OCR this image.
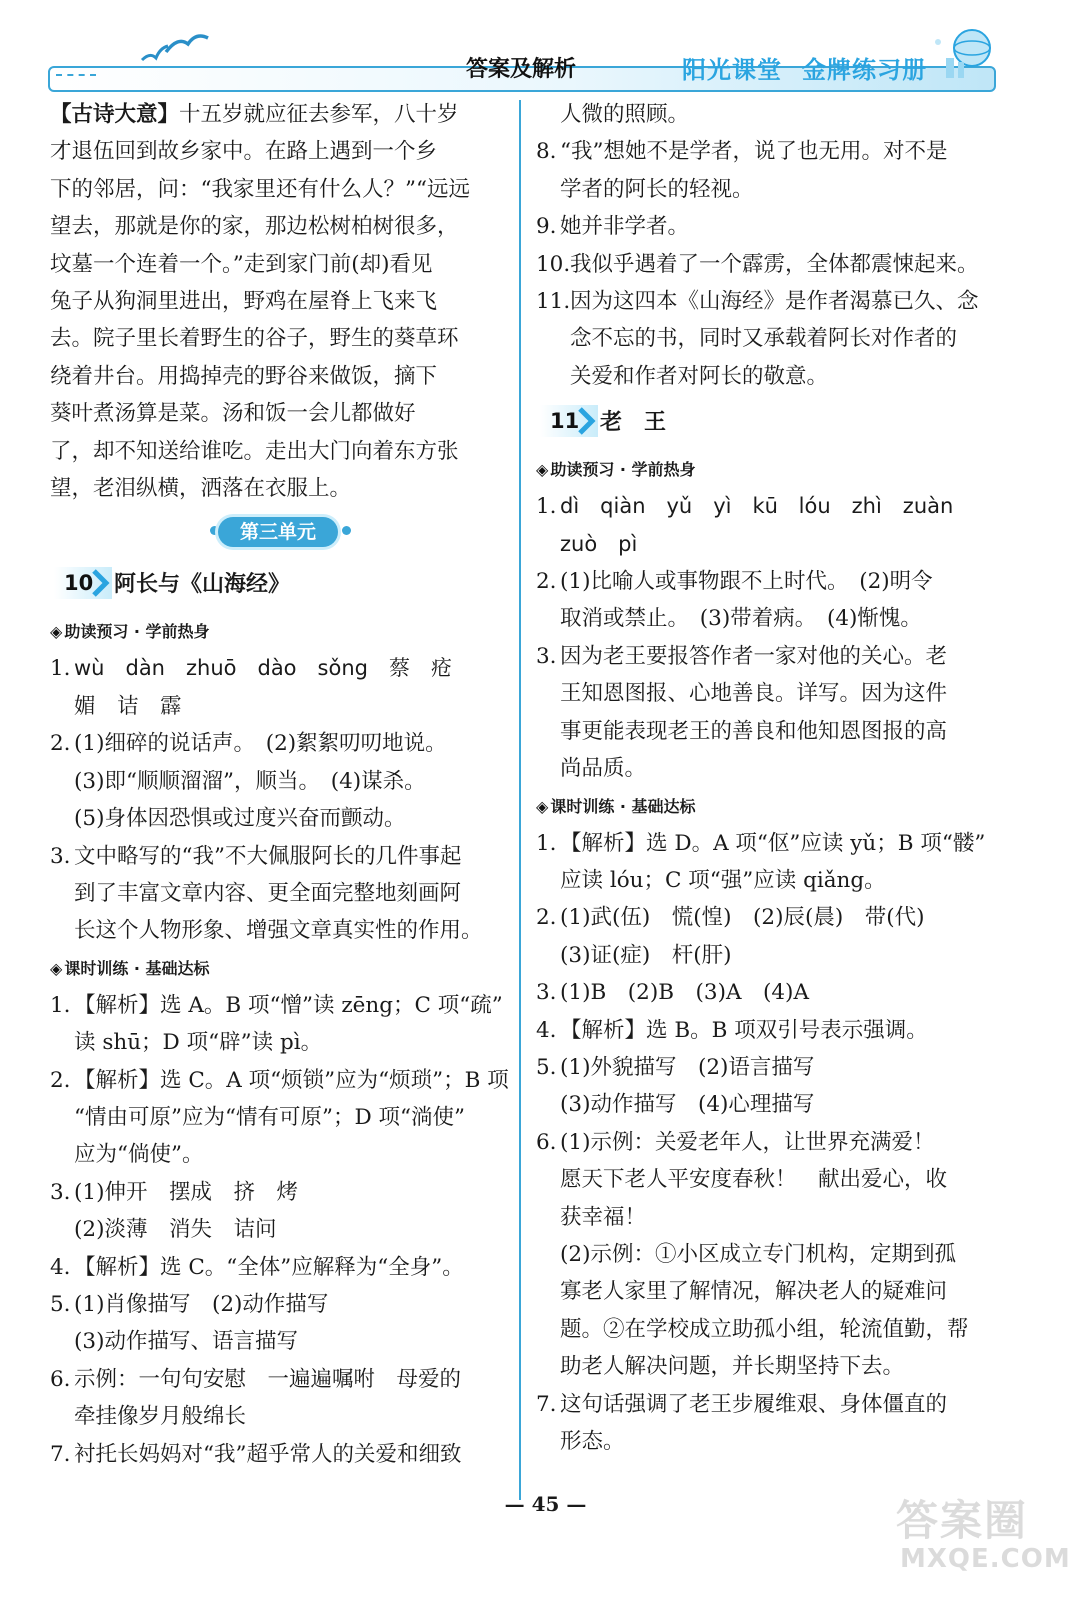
答案及解析	阳光课堂 金牌练习册
【古诗大意】十五岁就应征去参军，八十岁
才退伍回到故乡家中。在路上遇到一个乡
下的邻居，问：“我家里还有什么人？”“远远
望去，那就是你的家，那边松树柏树很多，
坟墓一个连着一个。”走到家门前(却)看见
兔子从狗洞里进出，野鸡在屋脊上飞来飞
去。院子里长着野生的谷子，野生的葵草环
绕着井台。用捣掉壳的野谷来做饭，摘下
葵叶煮汤算是菜。汤和饭一会儿都做好
了，却不知送给谁吃。走出大门向着东方张
望，老泪纵横，洒落在衣服上。
第三单元
10 阿长与《山海经》
◈ 助读预习 · 学前热身
1. wù　dàn　zhuō　dào　sǒng　蔡　疮
媚　诘　霹
2. (1)细碎的说话声。　(2)絮絮叨叨地说。
(3)即“顺顺溜溜”，顺当。　(4)谋杀。
(5)身体因恐惧或过度兴奋而颤动。
3. 文中略写的“我”不大佩服阿长的几件事起
到了丰富文章内容、更全面完整地刻画阿
长这个人物形象、增强文章真实性的作用。
◈ 课时训练 · 基础达标
1. 【解析】选 A。B 项“憎”读 zēng；C 项“疏”
读 shū；D 项“辟”读 pì。
2. 【解析】选 C。A 项“烦锁”应为“烦琐”；B 项
“情由可原”应为“情有可原”；D 项“淌使”
应为“倘使”。
3. (1)伸开　摆成　挤　烤
(2)淡薄　消失　诘问
4. 【解析】选 C。“全体”应解释为“全身”。
5. (1)肖像描写　(2)动作描写
(3)动作描写、语言描写
6. 示例：一句句安慰　一遍遍嘱咐　母爱的
牵挂像岁月般绵长
7. 衬托长妈妈对“我”超乎常人的关爱和细致
人微的照顾。
8. “我”想她不是学者，说了也无用。对不是
学者的阿长的轻视。
9. 她并非学者。
10. 我似乎遇着了一个霹雳，全体都震悚起来。
11. 因为这四本《山海经》是作者渴慕已久、念
念不忘的书，同时又承载着阿长对作者的
关爱和作者对阿长的敬意。
11 老　王
◈ 助读预习 · 学前热身
1. dì　qiàn　yǔ　yì　kū lóu　zhì　zuàn
zuò　pì
2. (1)比喻人或事物跟不上时代。　(2)明令
取消或禁止。　(3)带着病。　(4)惭愧。
3. 因为老王要报答作者一家对他的关心。老
王知恩图报、心地善良。详写。因为这件
事更能表现老王的善良和他知恩图报的高
尚品质。
◈ 课时训练 · 基础达标
1. 【解析】选 D。A 项“伛”应读 yǔ；B 项“髅”
应读 lóu；C 项“强”应读 qiǎng。
2. (1)武(伍)　慌(惶)　(2)辰(晨)　带(代)
(3)证(症)　杆(肝)
3. (1)B　(2)B　(3)A　(4)A
4. 【解析】选 B。B 项双引号表示强调。
5. (1)外貌描写　(2)语言描写
(3)动作描写　(4)心理描写
6. (1)示例：关爱老年人，让世界充满爱！
愿天下老人平安度春秋！　献出爱心，收
获幸福！
(2)示例：①小区成立专门机构，定期到孤
寡老人家里了解情况，解决老人的疑难问
题。②在学校成立助孤小组，轮流值勤，帮
助老人解决问题，并长期坚持下去。
7. 这句话强调了老王步履维艰、身体僵直的
形态。
— 45 —	答案圈
MXQE.COM
